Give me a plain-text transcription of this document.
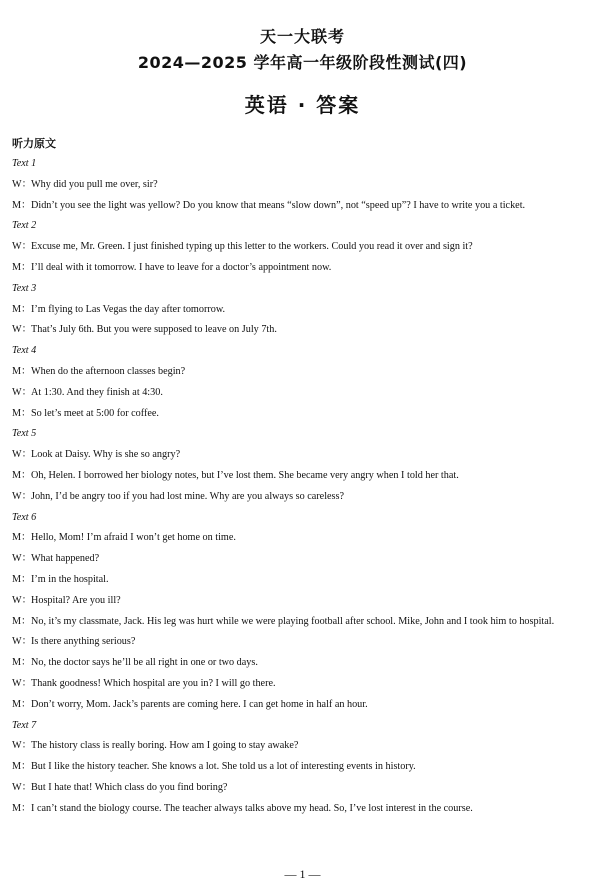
天一大联考
2024—2025 学年高一年级阶段性测试(四)
英语 · 答案
听力原文
Text 1
W： Why did you pull me over, sir?
M： Didn’t you see the light was yellow? Do you know that means “slow down”, not “speed up”? I have to write you a ticket.
Text 2
W： Excuse me, Mr. Green. I just finished typing up this letter to the workers. Could you read it over and sign it?
M： I’ll deal with it tomorrow. I have to leave for a doctor’s appointment now.
Text 3
M： I’m flying to Las Vegas the day after tomorrow.
W： That’s July 6th. But you were supposed to leave on July 7th.
Text 4
M： When do the afternoon classes begin?
W： At 1:30. And they finish at 4:30.
M： So let’s meet at 5:00 for coffee.
Text 5
W： Look at Daisy. Why is she so angry?
M： Oh, Helen. I borrowed her biology notes, but I’ve lost them. She became very angry when I told her that.
W： John, I’d be angry too if you had lost mine. Why are you always so careless?
Text 6
M： Hello, Mom! I’m afraid I won’t get home on time.
W： What happened?
M： I’m in the hospital.
W： Hospital? Are you ill?
M： No, it’s my classmate, Jack. His leg was hurt while we were playing football after school. Mike, John and I took him to hospital.
W： Is there anything serious?
M： No, the doctor says he’ll be all right in one or two days.
W： Thank goodness! Which hospital are you in? I will go there.
M： Don’t worry, Mom. Jack’s parents are coming here. I can get home in half an hour.
Text 7
W： The history class is really boring. How am I going to stay awake?
M： But I like the history teacher. She knows a lot. She told us a lot of interesting events in history.
W： But I hate that! Which class do you find boring?
M： I can’t stand the biology course. The teacher always talks above my head. So, I’ve lost interest in the course.
— 1 —
